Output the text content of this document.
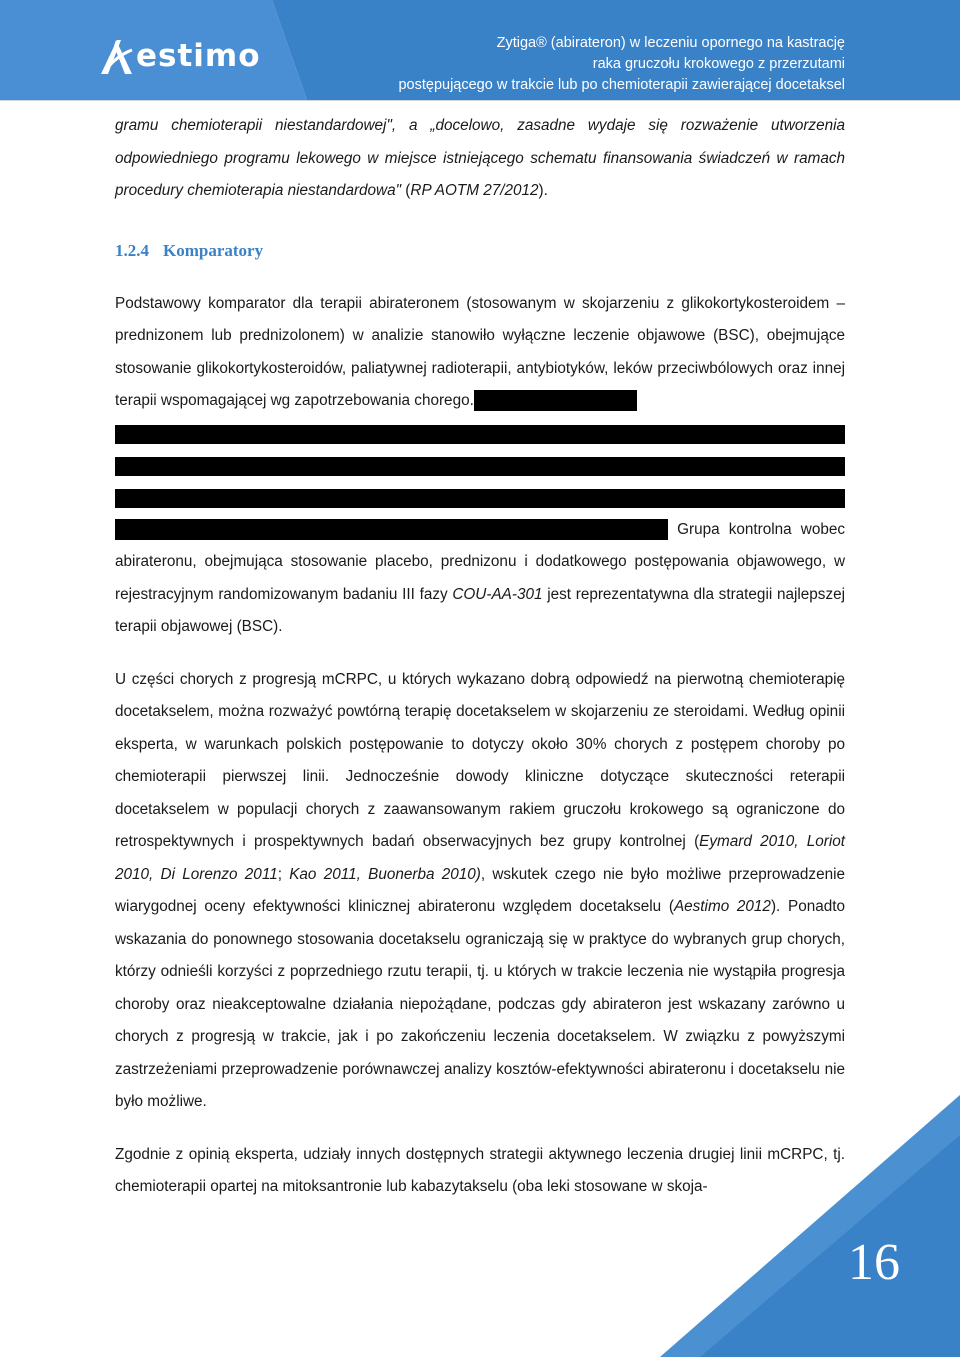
estimo	Zytiga® (abirateron) w leczeniu opornego na kastrację
raka gruczołu krokowego z przerzutami
postępującego w trakcie lub po chemioterapii zawierającej docetaksel

gramu chemioterapii niestandardowej", a „docelowo, zasadne wydaje się rozważenie utworzenia odpowiedniego programu lekowego w miejsce istniejącego schematu finansowania świadczeń w ramach procedury chemioterapia niestandardowa" (RP AOTM 27/2012).

1.2.4 Komparatory

Podstawowy komparator dla terapii abirateronem (stosowanym w skojarzeniu z glikokortykosteroidem – prednizonem lub prednizolonem) w analizie stanowiło wyłączne leczenie objawowe (BSC), obejmujące stosowanie glikokortykosteroidów, paliatywnej radioterapii, antybiotyków, leków przeciwbólowych oraz innej terapii wspomagającej wg zapotrzebowania chorego.

Grupa kontrolna wobec abirateronu, obejmująca stosowanie placebo, prednizonu i dodatkowego postępowania objawowego, w rejestracyjnym randomizowanym badaniu III fazy COU-AA-301 jest reprezentatywna dla strategii najlepszej terapii objawowej (BSC).

U części chorych z progresją mCRPC, u których wykazano dobrą odpowiedź na pierwotną chemioterapię docetakselem, można rozważyć powtórną terapię docetakselem w skojarzeniu ze steroidami. Według opinii eksperta, w warunkach polskich postępowanie to dotyczy około 30% chorych z postępem choroby po chemioterapii pierwszej linii. Jednocześnie dowody kliniczne dotyczące skuteczności reterapii docetakselem w populacji chorych z zaawansowanym rakiem gruczołu krokowego są ograniczone do retrospektywnych i prospektywnych badań obserwacyjnych bez grupy kontrolnej (Eymard 2010, Loriot 2010, Di Lorenzo 2011; Kao 2011, Buonerba 2010), wskutek czego nie było możliwe przeprowadzenie wiarygodnej oceny efektywności klinicznej abirateronu względem docetakselu (Aestimo 2012). Ponadto wskazania do ponownego stosowania docetakselu ograniczają się w praktyce do wybranych grup chorych, którzy odnieśli korzyści z poprzedniego rzutu terapii, tj. u których w trakcie leczenia nie wystąpiła progresja choroby oraz nieakceptowalne działania niepożądane, podczas gdy abirateron jest wskazany zarówno u chorych z progresją w trakcie, jak i po zakończeniu leczenia docetakselem. W związku z powyższymi zastrzeżeniami przeprowadzenie porównawczej analizy kosztów-efektywności abirateronu i docetakselu nie było możliwe.

Zgodnie z opinią eksperta, udziały innych dostępnych strategii aktywnego leczenia drugiej linii mCRPC, tj. chemioterapii opartej na mitoksantronie lub kabazytakselu (oba leki stosowane w skoja-

16
